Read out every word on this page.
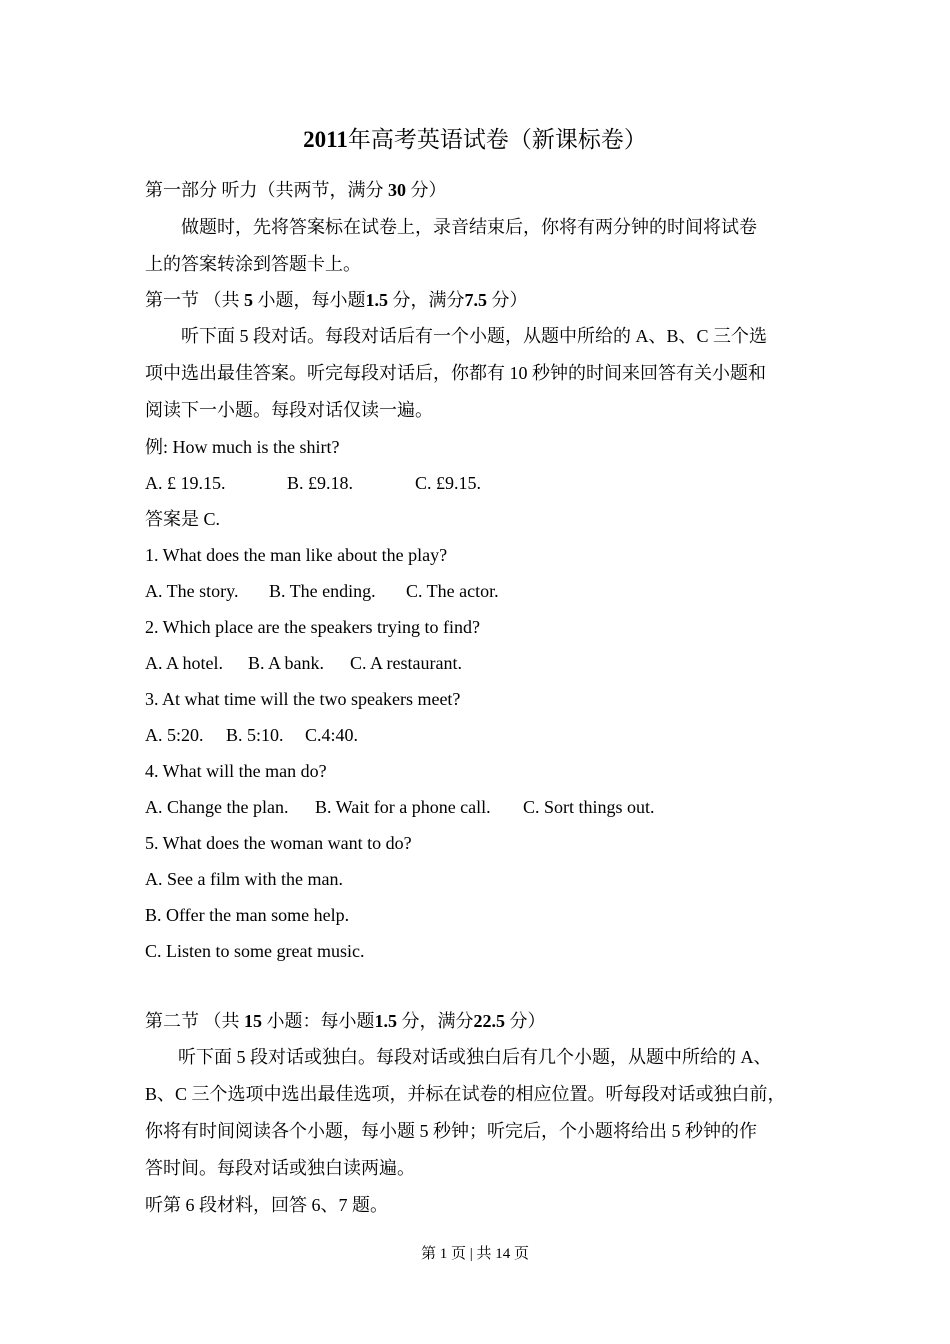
2011年高考英语试卷（新课标卷）
第一部分 听力（共两节，满分 30 分）
做题时，先将答案标在试卷上，录音结束后，你将有两分钟的时间将试卷
上的答案转涂到答题卡上。
第一节 （共 5 小题，每小题1.5 分，满分7.5 分）
听下面 5 段对话。每段对话后有一个小题，从题中所给的 A、B、C 三个选
项中选出最佳答案。听完每段对话后，你都有 10 秒钟的时间来回答有关小题和
阅读下一小题。每段对话仅读一遍。
例: How much is the shirt?
A. £ 19.15.	B. £9.18.	C. £9.15.
答案是 C.
1. What does the man like about the play?
A. The story. B. The ending. C. The actor.
2. Which place are the speakers trying to find?
A. A hotel. B. A bank. C. A restaurant.
3. At what time will the two speakers meet?
A. 5:20. B. 5:10. C.4:40.
4. What will the man do?
A. Change the plan. B. Wait for a phone call. C. Sort things out.
5. What does the woman want to do?
A. See a film with the man.
B. Offer the man some help.
C. Listen to some great music.
第二节 （共 15 小题：每小题1.5 分，满分22.5 分）
听下面 5 段对话或独白。每段对话或独白后有几个小题，从题中所给的 A、
B、C 三个选项中选出最佳选项，并标在试卷的相应位置。听每段对话或独白前，
你将有时间阅读各个小题，每小题 5 秒钟；听完后，个小题将给出 5 秒钟的作
答时间。每段对话或独白读两遍。
听第 6 段材料，回答 6、7 题。
第 1 页 | 共 14 页
